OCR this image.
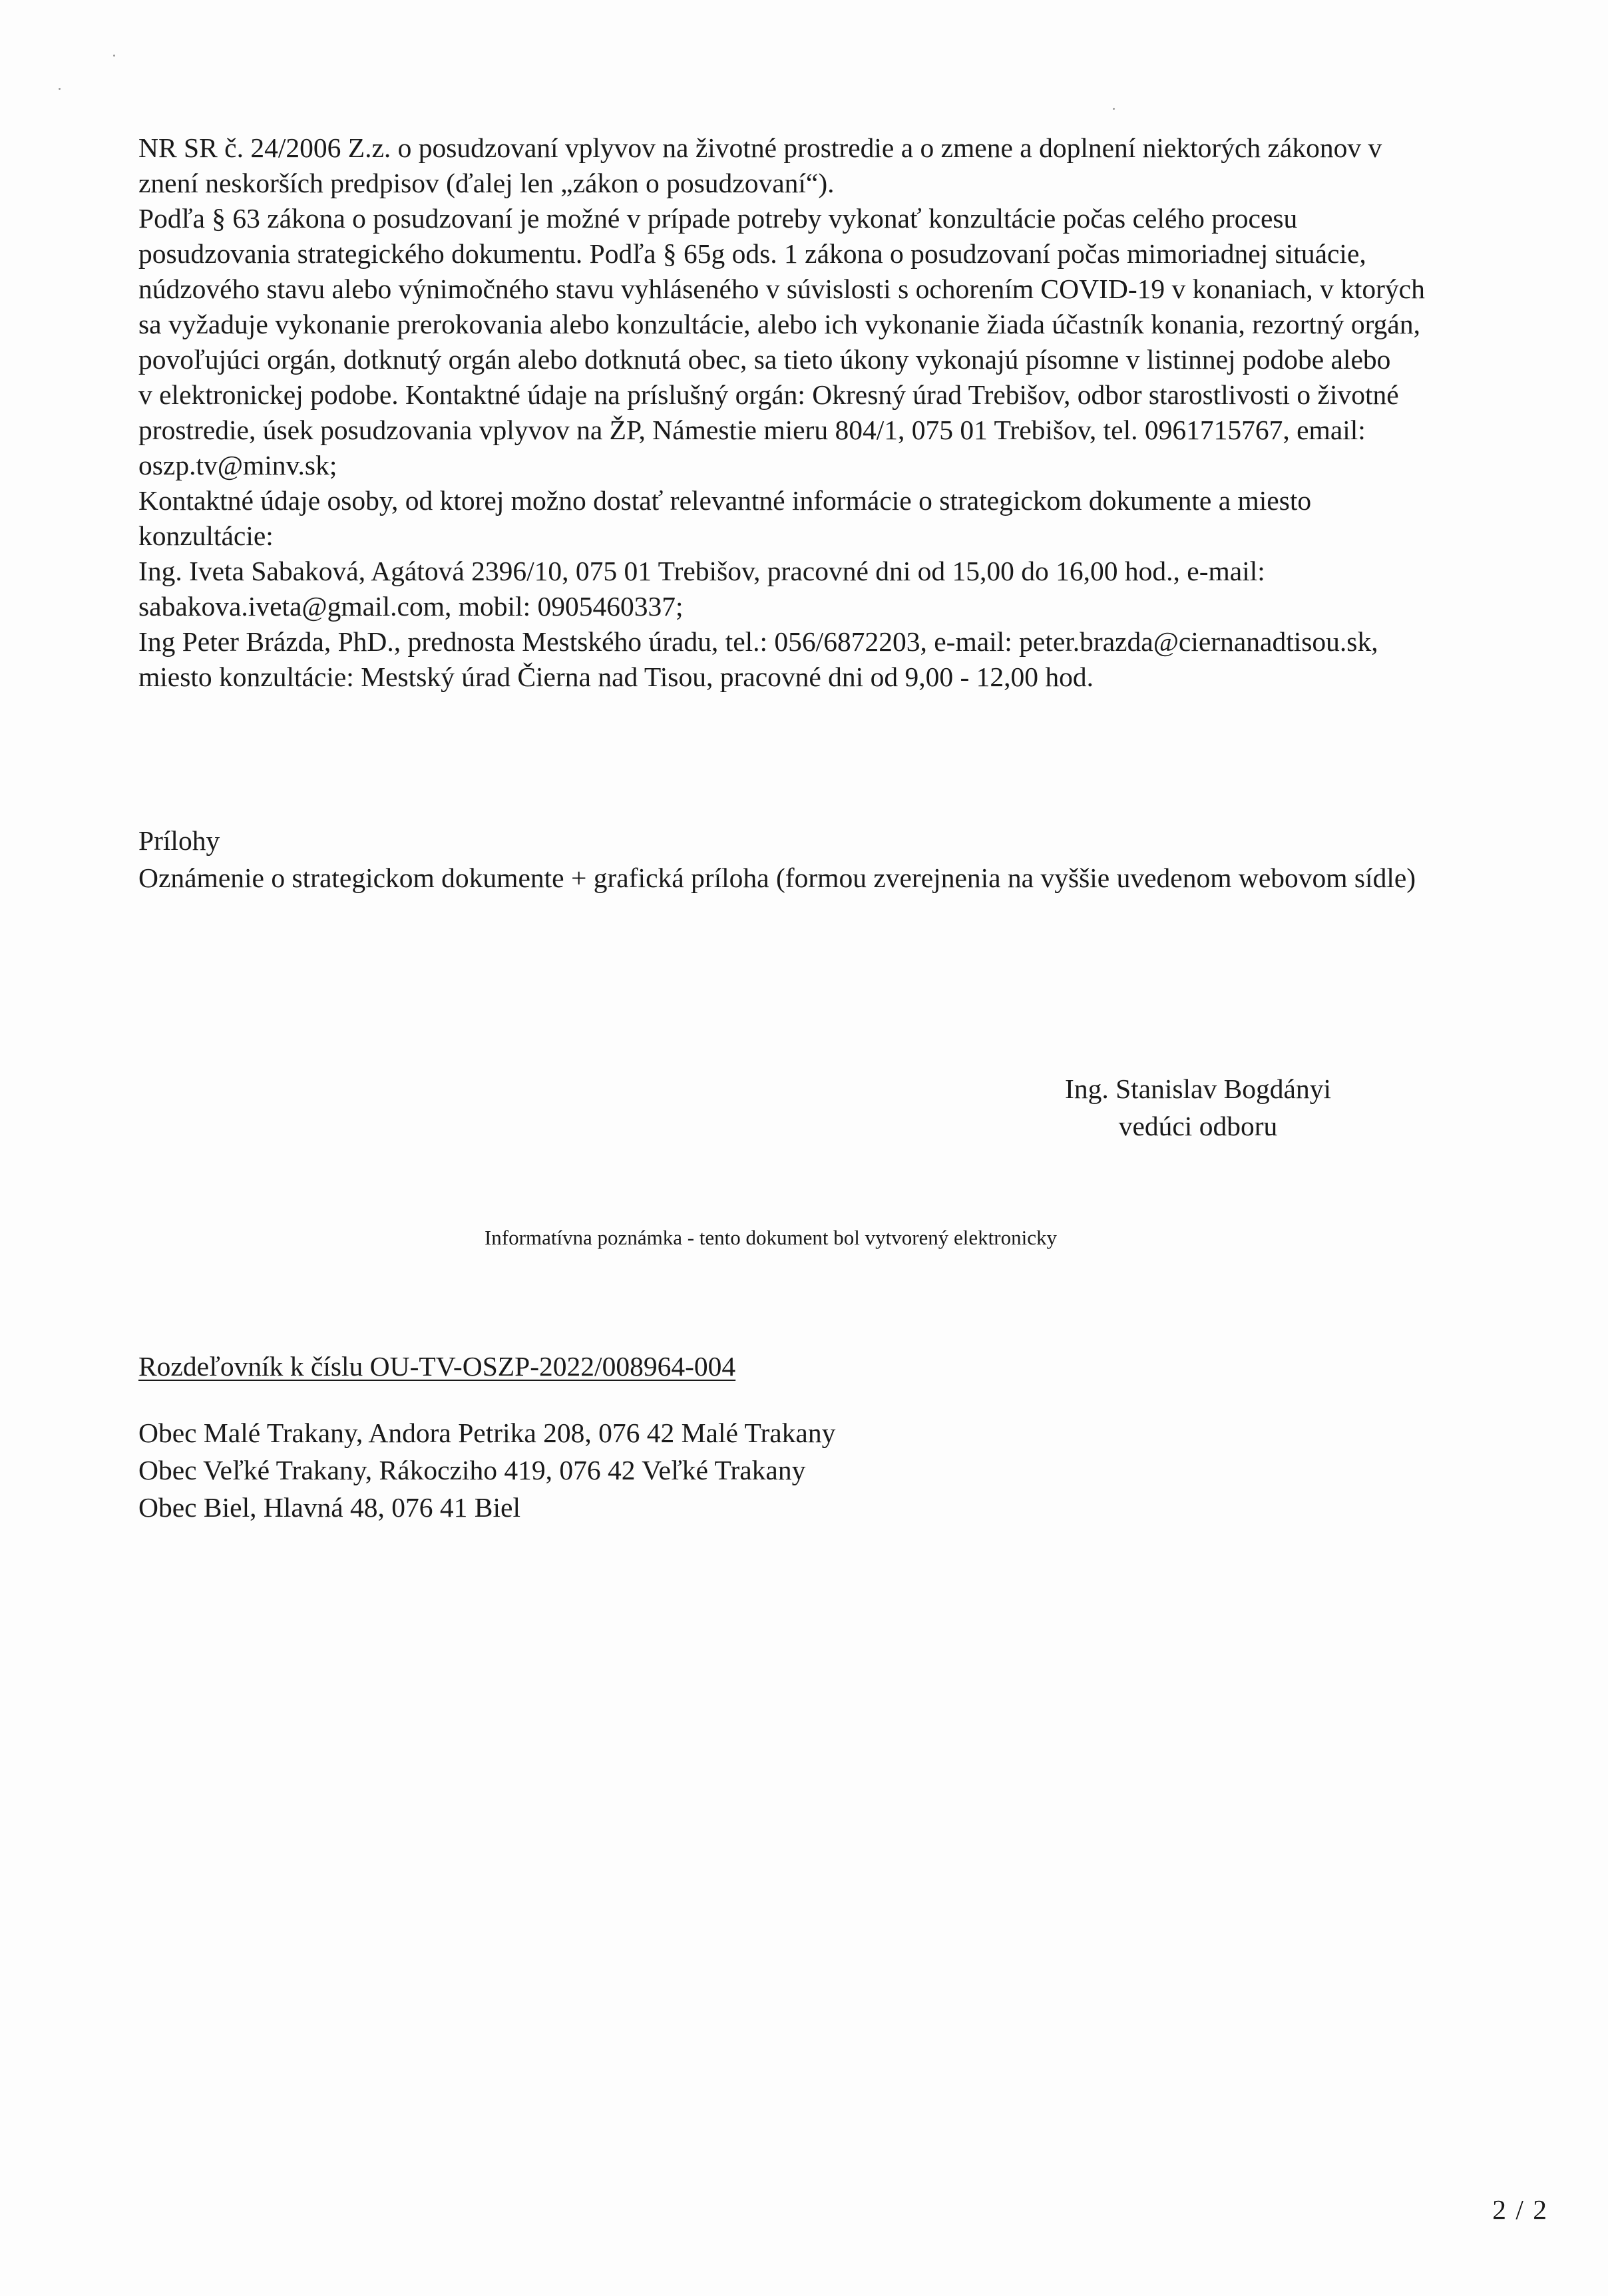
NR SR č. 24/2006 Z.z. o posudzovaní vplyvov na životné prostredie a o zmene a doplnení niektorých zákonov v

znení neskorších predpisov (ďalej len „zákon o posudzovaní“).

Podľa § 63 zákona o posudzovaní je možné v prípade potreby vykonať konzultácie počas celého procesu

posudzovania strategického dokumentu. Podľa § 65g ods. 1 zákona o posudzovaní počas mimoriadnej situácie,

núdzového stavu alebo výnimočného stavu vyhláseného v súvislosti s ochorením COVID-19 v konaniach, v ktorých

sa vyžaduje vykonanie prerokovania alebo konzultácie, alebo ich vykonanie žiada účastník konania, rezortný orgán,

povoľujúci orgán, dotknutý orgán alebo dotknutá obec, sa tieto úkony vykonajú písomne v listinnej podobe alebo

v elektronickej podobe. Kontaktné údaje na príslušný orgán: Okresný úrad Trebišov, odbor starostlivosti o životné

prostredie, úsek posudzovania vplyvov na ŽP, Námestie mieru 804/1, 075 01 Trebišov, tel. 0961715767, email:

oszp.tv@minv.sk;

Kontaktné údaje osoby, od ktorej možno dostať relevantné informácie o strategickom dokumente a miesto

konzultácie:

Ing. Iveta Sabaková, Agátová 2396/10, 075 01 Trebišov, pracovné dni od 15,00 do 16,00 hod., e-mail:

sabakova.iveta@gmail.com, mobil: 0905460337;

Ing Peter Brázda, PhD., prednosta Mestského úradu, tel.: 056/6872203, e-mail: peter.brazda@ciernanadtisou.sk,

miesto konzultácie: Mestský úrad Čierna nad Tisou, pracovné dni od 9,00 - 12,00 hod.

Prílohy

Oznámenie o strategickom dokumente + grafická príloha (formou zverejnenia na vyššie uvedenom webovom sídle)

Ing. Stanislav Bogdányi

vedúci odboru

Informatívna poznámka - tento dokument bol vytvorený elektronicky

Rozdeľovník k číslu OU-TV-OSZP-2022/008964-004

Obec Malé Trakany, Andora Petrika 208, 076 42 Malé Trakany

Obec Veľké Trakany, Rákocziho 419, 076 42 Veľké Trakany

Obec Biel, Hlavná 48, 076 41 Biel

2 / 2
